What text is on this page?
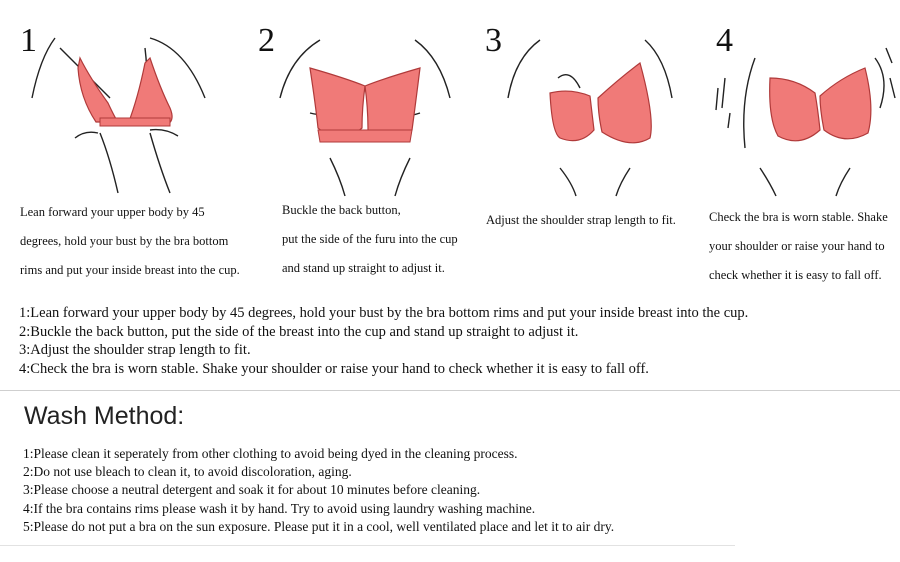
1
Lean forward your upper body by 45
degrees, hold your bust by the bra bottom
rims and put your inside breast into the cup.
2
Buckle the back button,
put the side of the furu into the cup
and stand up straight to adjust it.
3
Adjust the shoulder strap length to fit.
4
Check the bra is worn stable. Shake
your shoulder or raise your hand to
check whether it is easy to fall off.
1:Lean forward your upper body by 45 degrees, hold your bust by the bra bottom rims and put your inside breast into the cup.
2:Buckle the back button, put the side of the breast into the cup and stand up straight to adjust it.
3:Adjust the shoulder strap length to fit.
4:Check the bra is worn stable. Shake your shoulder or raise your hand to check whether it is easy to fall off.
Wash Method:
1:Please clean it seperately from other clothing to avoid being dyed in the cleaning process.
2:Do not use bleach to clean it, to avoid discoloration, aging.
3:Please choose a neutral detergent and soak it for about 10 minutes before cleaning.
4:If the bra contains rims please wash it by hand. Try to avoid using laundry washing machine.
5:Please do not put a bra on the sun exposure. Please put it in a cool, well ventilated place and let it to air dry.
